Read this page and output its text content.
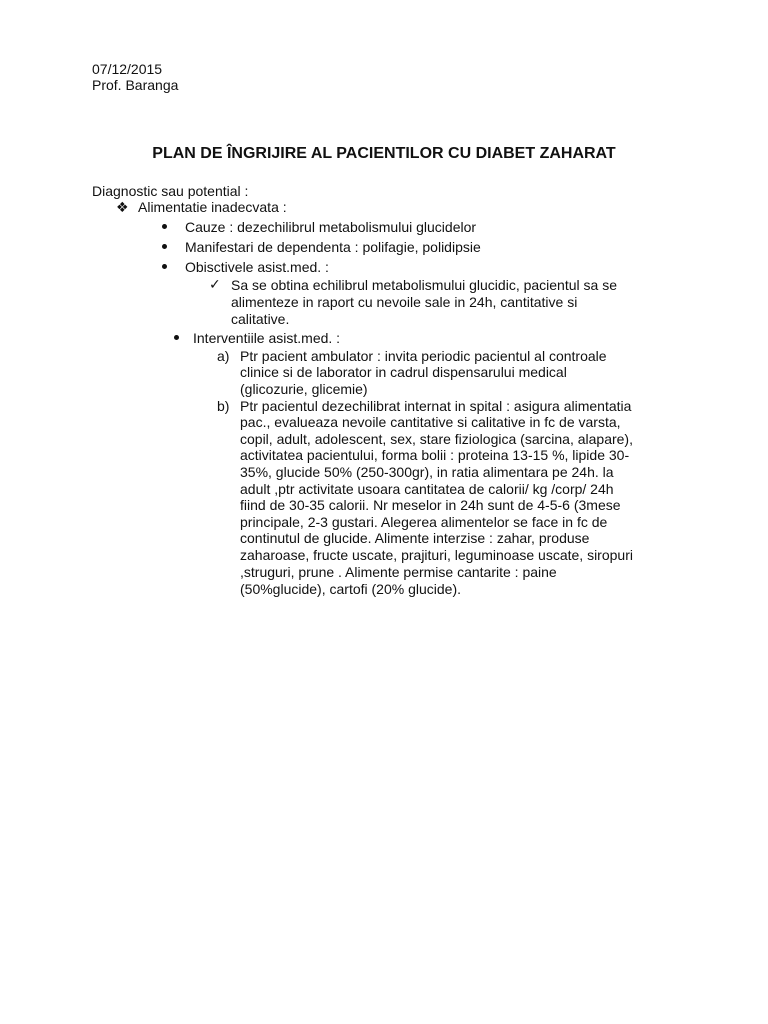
07/12/2015
Prof. Baranga
PLAN DE ÎNGRIJIRE AL PACIENTILOR CU DIABET ZAHARAT
Diagnostic sau potential :
❖ Alimentatie inadecvata :
Cauze : dezechilibrul metabolismului glucidelor
Manifestari de dependenta : polifagie, polidipsie
Obisctivele asist.med. :
✓ Sa se obtina echilibrul metabolismului glucidic, pacientul sa se
alimenteze in raport cu nevoile sale in 24h, cantitative si
calitative.
Interventiile asist.med. :
a) Ptr pacient ambulator : invita periodic pacientul al controale
clinice si de laborator in cadrul dispensarului medical
(glicozurie, glicemie)
b) Ptr pacientul dezechilibrat internat in spital : asigura alimentatia
pac., evalueaza nevoile cantitative si calitative in fc de varsta,
copil, adult, adolescent, sex, stare fiziologica (sarcina, alapare),
activitatea pacientului, forma bolii : proteina 13-15 %, lipide 30-
35%, glucide 50% (250-300gr), in ratia alimentara pe 24h. la
adult ,ptr activitate usoara cantitatea de calorii/ kg /corp/ 24h
fiind de 30-35 calorii. Nr meselor in 24h sunt de 4-5-6 (3mese
principale, 2-3 gustari. Alegerea alimentelor se face in fc de
continutul de glucide. Alimente interzise : zahar, produse
zaharoase, fructe uscate, prajituri, leguminoase uscate, siropuri
,struguri, prune . Alimente permise cantarite : paine
(50%glucide), cartofi (20% glucide).
